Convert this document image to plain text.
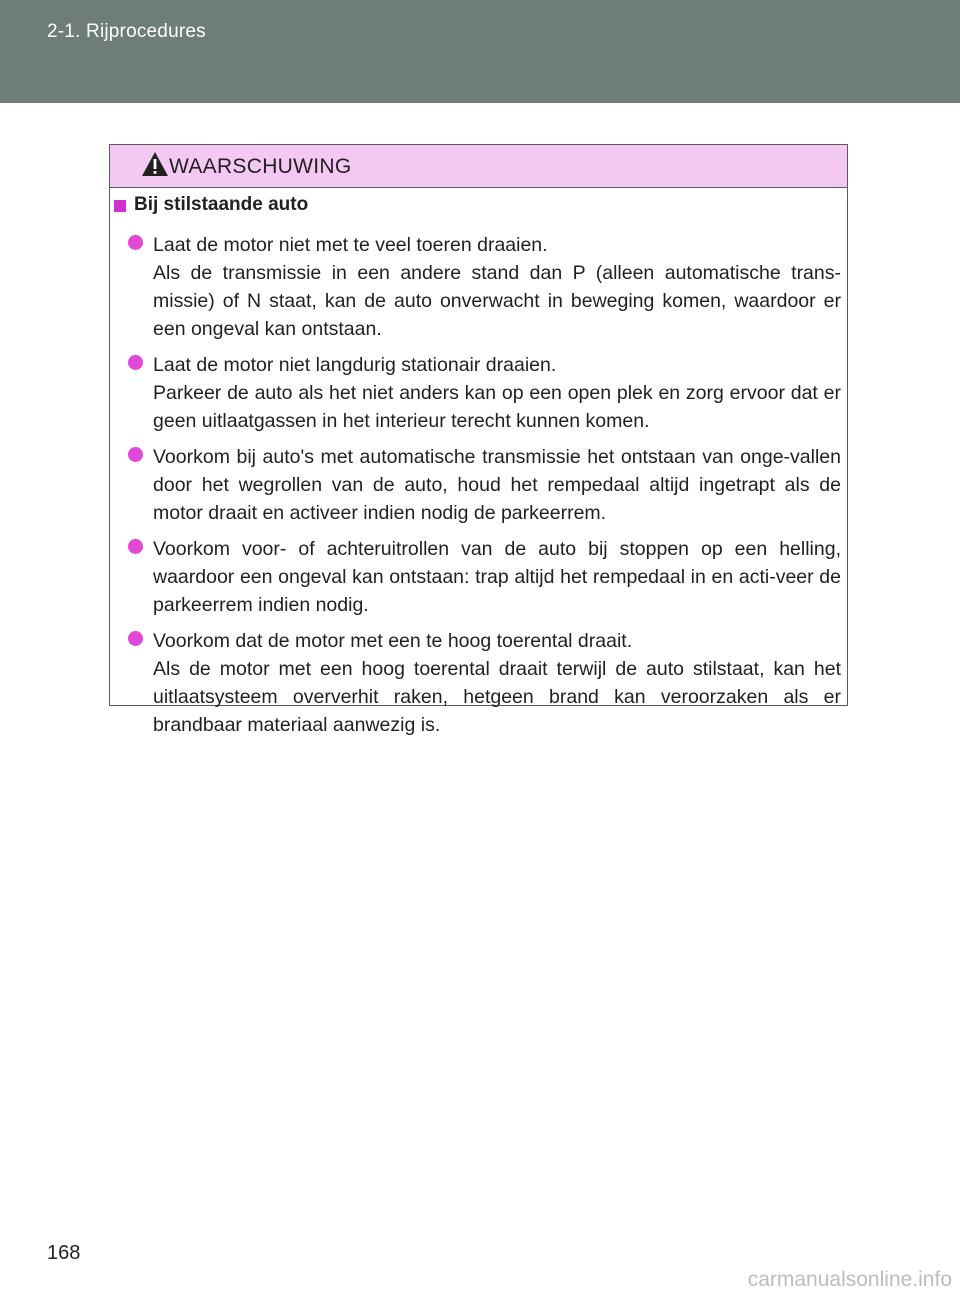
2-1. Rijprocedures
WAARSCHUWING
Bij stilstaande auto
Laat de motor niet met te veel toeren draaien.
Als de transmissie in een andere stand dan P (alleen automatische trans-missie) of N staat, kan de auto onverwacht in beweging komen, waardoor er een ongeval kan ontstaan.
Laat de motor niet langdurig stationair draaien.
Parkeer de auto als het niet anders kan op een open plek en zorg ervoor dat er geen uitlaatgassen in het interieur terecht kunnen komen.
Voorkom bij auto's met automatische transmissie het ontstaan van onge-vallen door het wegrollen van de auto, houd het rempedaal altijd ingetrapt als de motor draait en activeer indien nodig de parkeerrem.
Voorkom voor- of achteruitrollen van de auto bij stoppen op een helling, waardoor een ongeval kan ontstaan: trap altijd het rempedaal in en acti-veer de parkeerrem indien nodig.
Voorkom dat de motor met een te hoog toerental draait.
Als de motor met een hoog toerental draait terwijl de auto stilstaat, kan het uitlaatsysteem oververhit raken, hetgeen brand kan veroorzaken als er brandbaar materiaal aanwezig is.
168
carmanualsonline.info
